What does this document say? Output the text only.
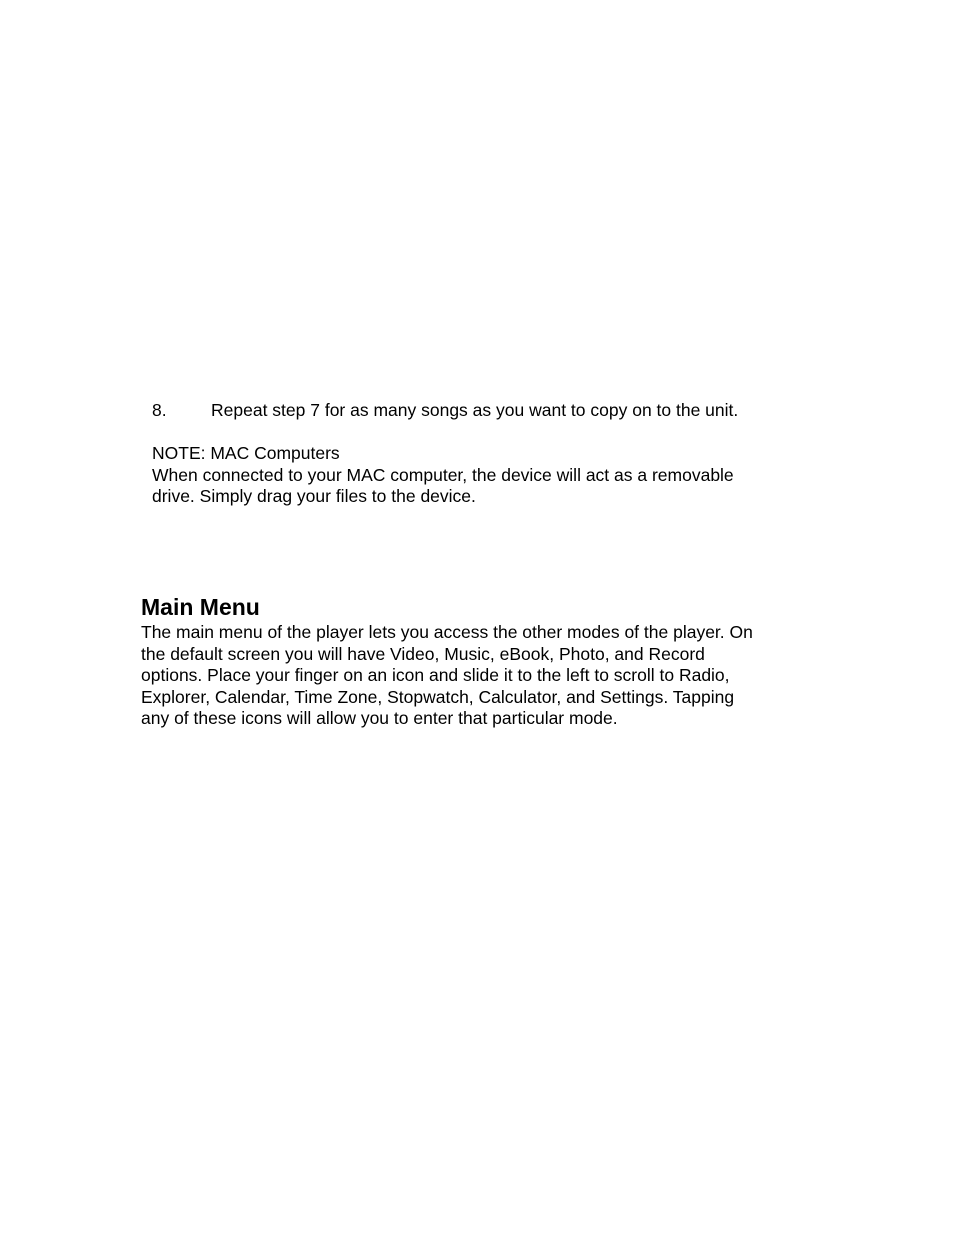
8.	Repeat step 7 for as many songs as you want to copy on to the unit.

NOTE: MAC Computers

When connected to your MAC computer, the device will act as a removable

drive. Simply drag your files to the device.

Main Menu
The main menu of the player lets you access the other modes of the player. On
the default screen you will have Video, Music, eBook, Photo, and Record
options. Place your finger on an icon and slide it to the left to scroll to Radio,
Explorer, Calendar, Time Zone, Stopwatch, Calculator, and Settings. Tapping
any of these icons will allow you to enter that particular mode.
